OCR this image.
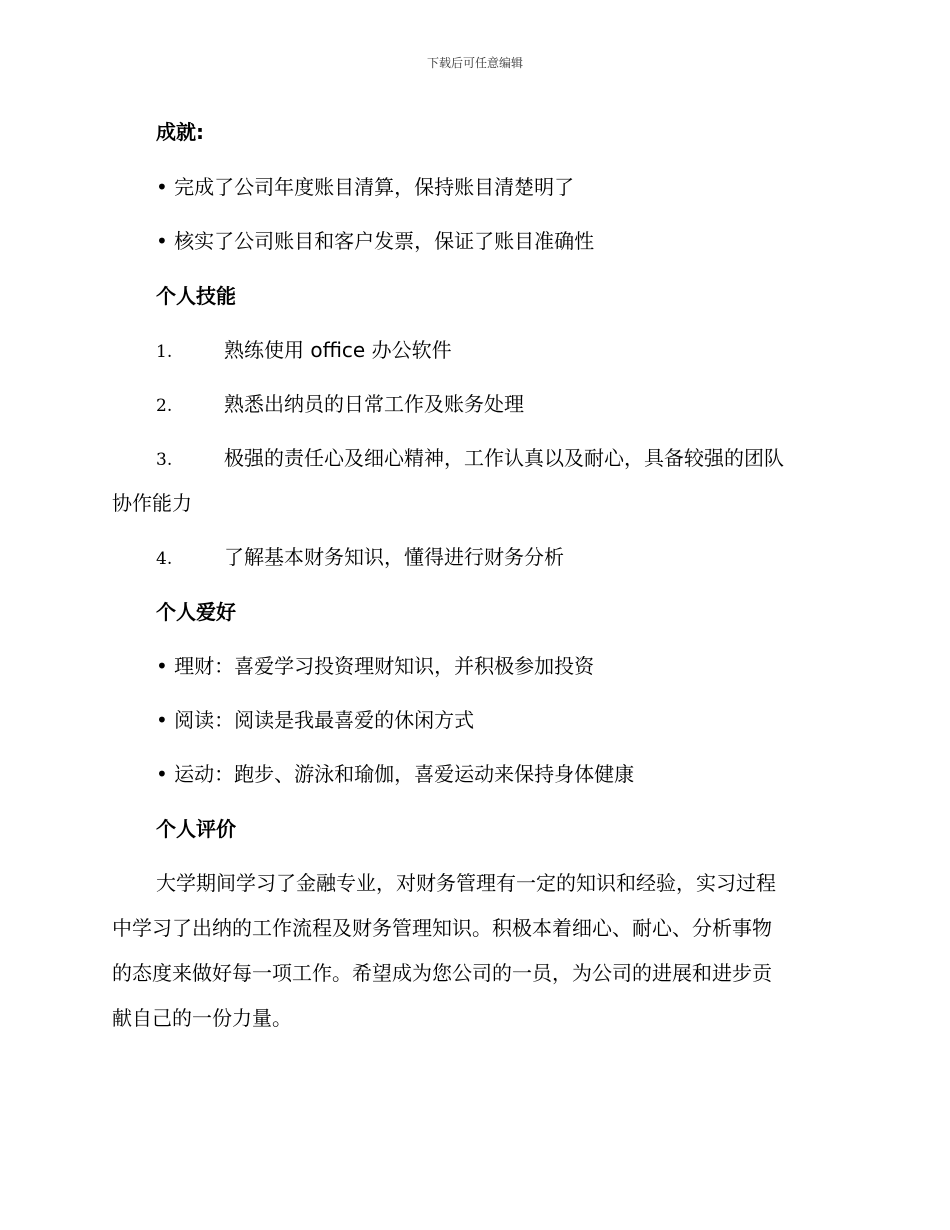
下载后可任意编辑
成就:
• 完成了公司年度账目清算，保持账目清楚明了
• 核实了公司账目和客户发票，保证了账目准确性
个人技能
1.	熟练使用 office 办公软件
2.	熟悉出纳员的日常工作及账务处理
3.	极强的责任心及细心精神，工作认真以及耐心，具备较强的团队
协作能力
4.	了解基本财务知识，懂得进行财务分析
个人爱好
• 理财：喜爱学习投资理财知识，并积极参加投资
• 阅读：阅读是我最喜爱的休闲方式
• 运动：跑步、游泳和瑜伽，喜爱运动来保持身体健康
个人评价
大学期间学习了金融专业，对财务管理有一定的知识和经验，实习过程
中学习了出纳的工作流程及财务管理知识。积极本着细心、耐心、分析事物
的态度来做好每一项工作。希望成为您公司的一员，为公司的进展和进步贡
献自己的一份力量。
